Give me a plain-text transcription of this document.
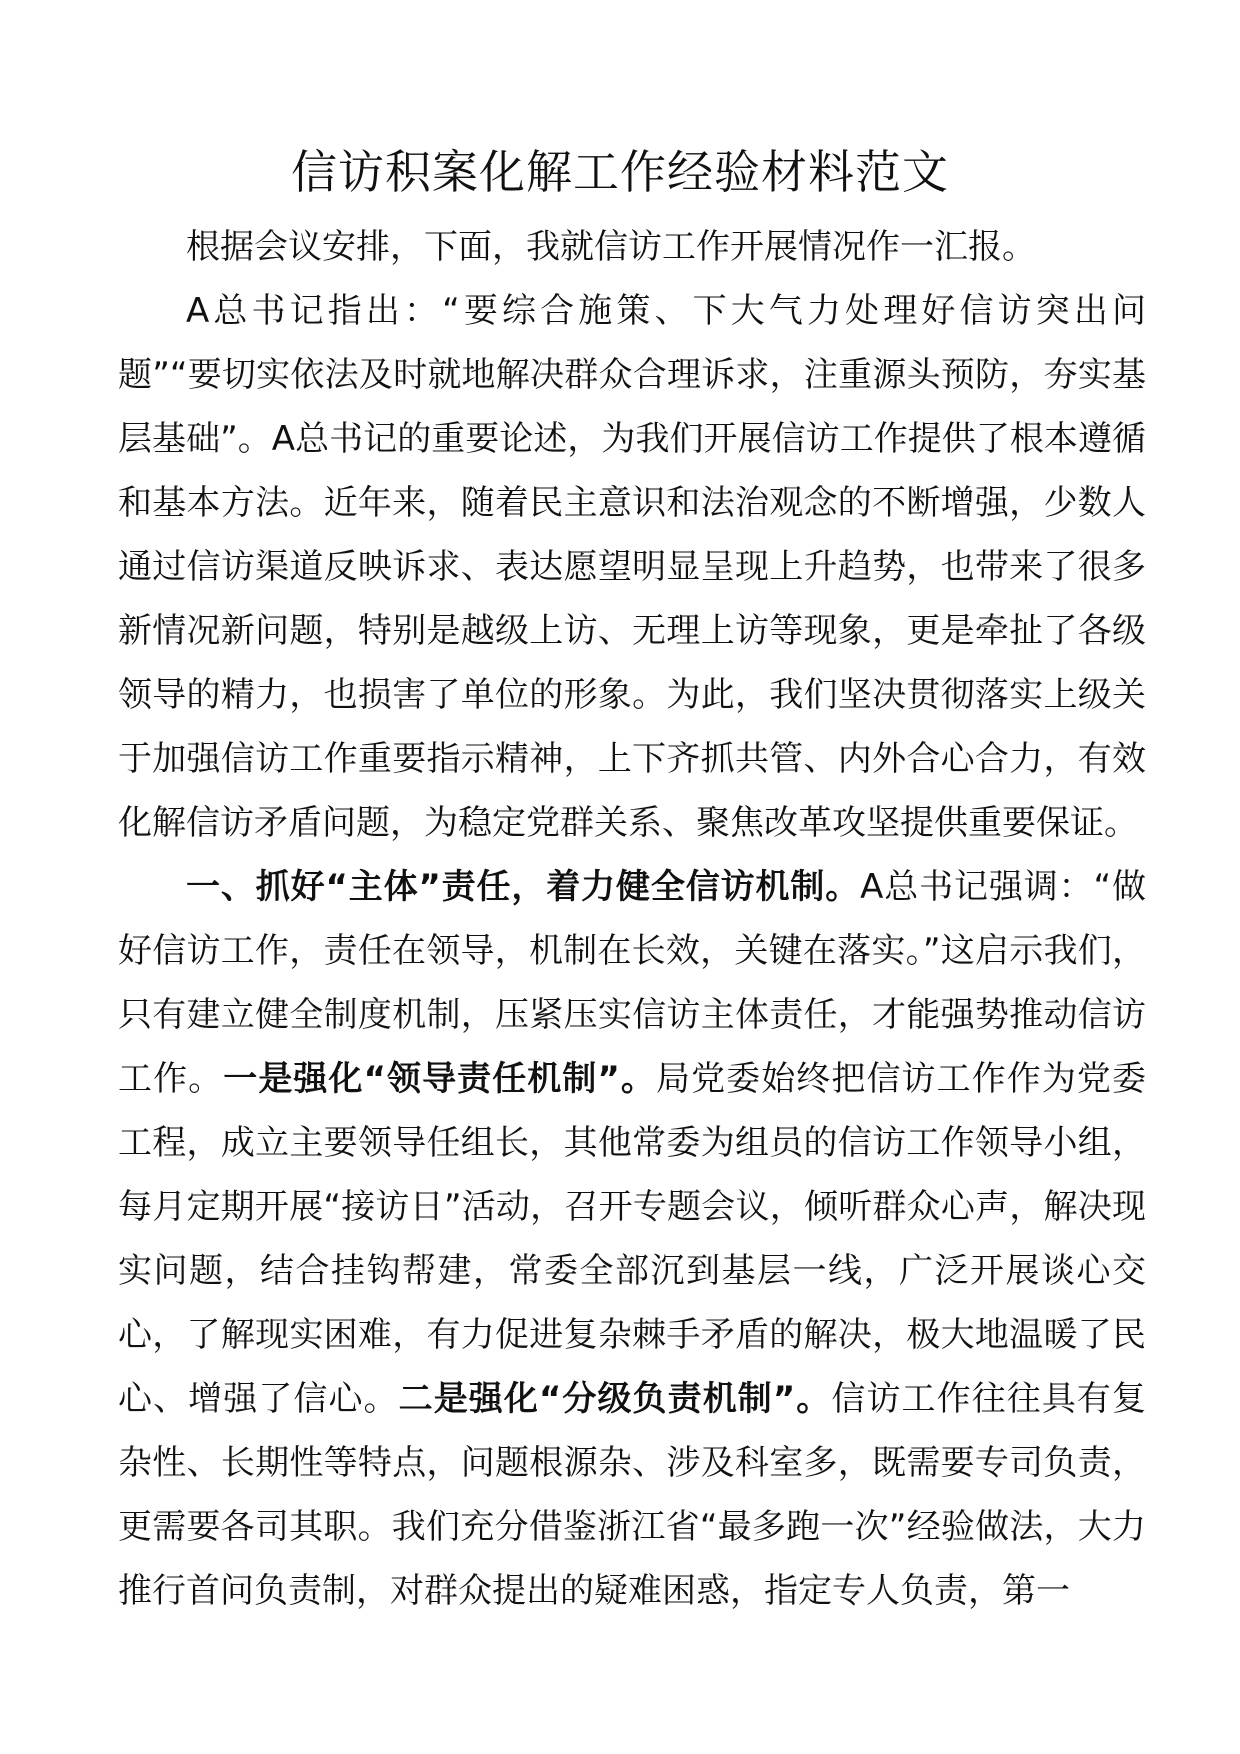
信访积案化解工作经验材料范文

根据会议安排，下面，我就信访工作开展情况作一汇报。

A总书记指出：“要综合施策、下大气力处理好信访突出问题”“要切实依法及时就地解决群众合理诉求，注重源头预防，夯实基层基础”。A总书记的重要论述，为我们开展信访工作提供了根本遵循和基本方法。近年来，随着民主意识和法治观念的不断增强，少数人通过信访渠道反映诉求、表达愿望明显呈现上升趋势，也带来了很多新情况新问题，特别是越级上访、无理上访等现象，更是牵扯了各级领导的精力，也损害了单位的形象。为此，我们坚决贯彻落实上级关于加强信访工作重要指示精神，上下齐抓共管、内外合心合力，有效化解信访矛盾问题，为稳定党群关系、聚焦改革攻坚提供重要保证。

一、抓好“主体”责任，着力健全信访机制。A总书记强调：“做好信访工作，责任在领导，机制在长效，关键在落实。”这启示我们，只有建立健全制度机制，压紧压实信访主体责任，才能强势推动信访工作。一是强化“领导责任机制”。局党委始终把信访工作作为党委工程，成立主要领导任组长，其他常委为组员的信访工作领导小组，每月定期开展“接访日”活动，召开专题会议，倾听群众心声，解决现实问题，结合挂钩帮建，常委全部沉到基层一线，广泛开展谈心交心，了解现实困难，有力促进复杂棘手矛盾的解决，极大地温暖了民心、增强了信心。二是强化“分级负责机制”。信访工作往往具有复杂性、长期性等特点，问题根源杂、涉及科室多，既需要专司负责，更需要各司其职。我们充分借鉴浙江省“最多跑一次”经验做法，大力推行首问负责制，对群众提出的疑难困惑，指定专人负责，第一
